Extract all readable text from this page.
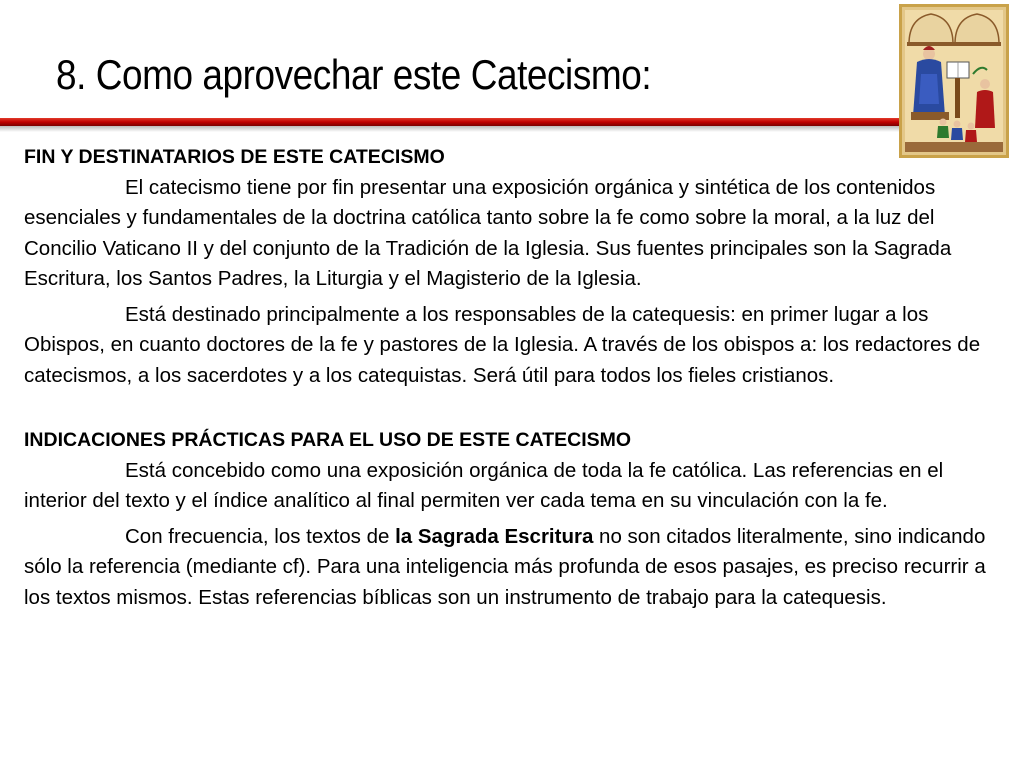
8. Como aprovechar este Catecismo:

FIN Y DESTINATARIOS DE ESTE CATECISMO

El catecismo tiene por fin presentar una exposición orgánica y sintética de los contenidos esenciales y fundamentales de la doctrina católica tanto sobre la fe como sobre la moral, a la luz del Concilio Vaticano II y del conjunto de la Tradición de la Iglesia. Sus fuentes principales son la Sagrada Escritura, los Santos Padres, la Liturgia y el Magisterio de la Iglesia.

Está destinado principalmente a los responsables de la catequesis: en primer lugar a los Obispos, en cuanto doctores de la fe y pastores de la Iglesia. A través de los obispos a: los redactores de catecismos, a los sacerdotes y a los catequistas. Será útil para todos los fieles cristianos.

INDICACIONES PRÁCTICAS PARA EL USO DE ESTE CATECISMO

Está concebido como una exposición orgánica de toda la fe católica. Las referencias en el interior del texto y el índice analítico al final permiten ver cada tema en su vinculación con la fe.

Con frecuencia, los textos de la Sagrada Escritura no son citados literalmente, sino indicando sólo la referencia (mediante cf). Para una inteligencia más profunda de esos pasajes, es preciso recurrir a los textos mismos. Estas referencias bíblicas son un instrumento de trabajo para la catequesis.
